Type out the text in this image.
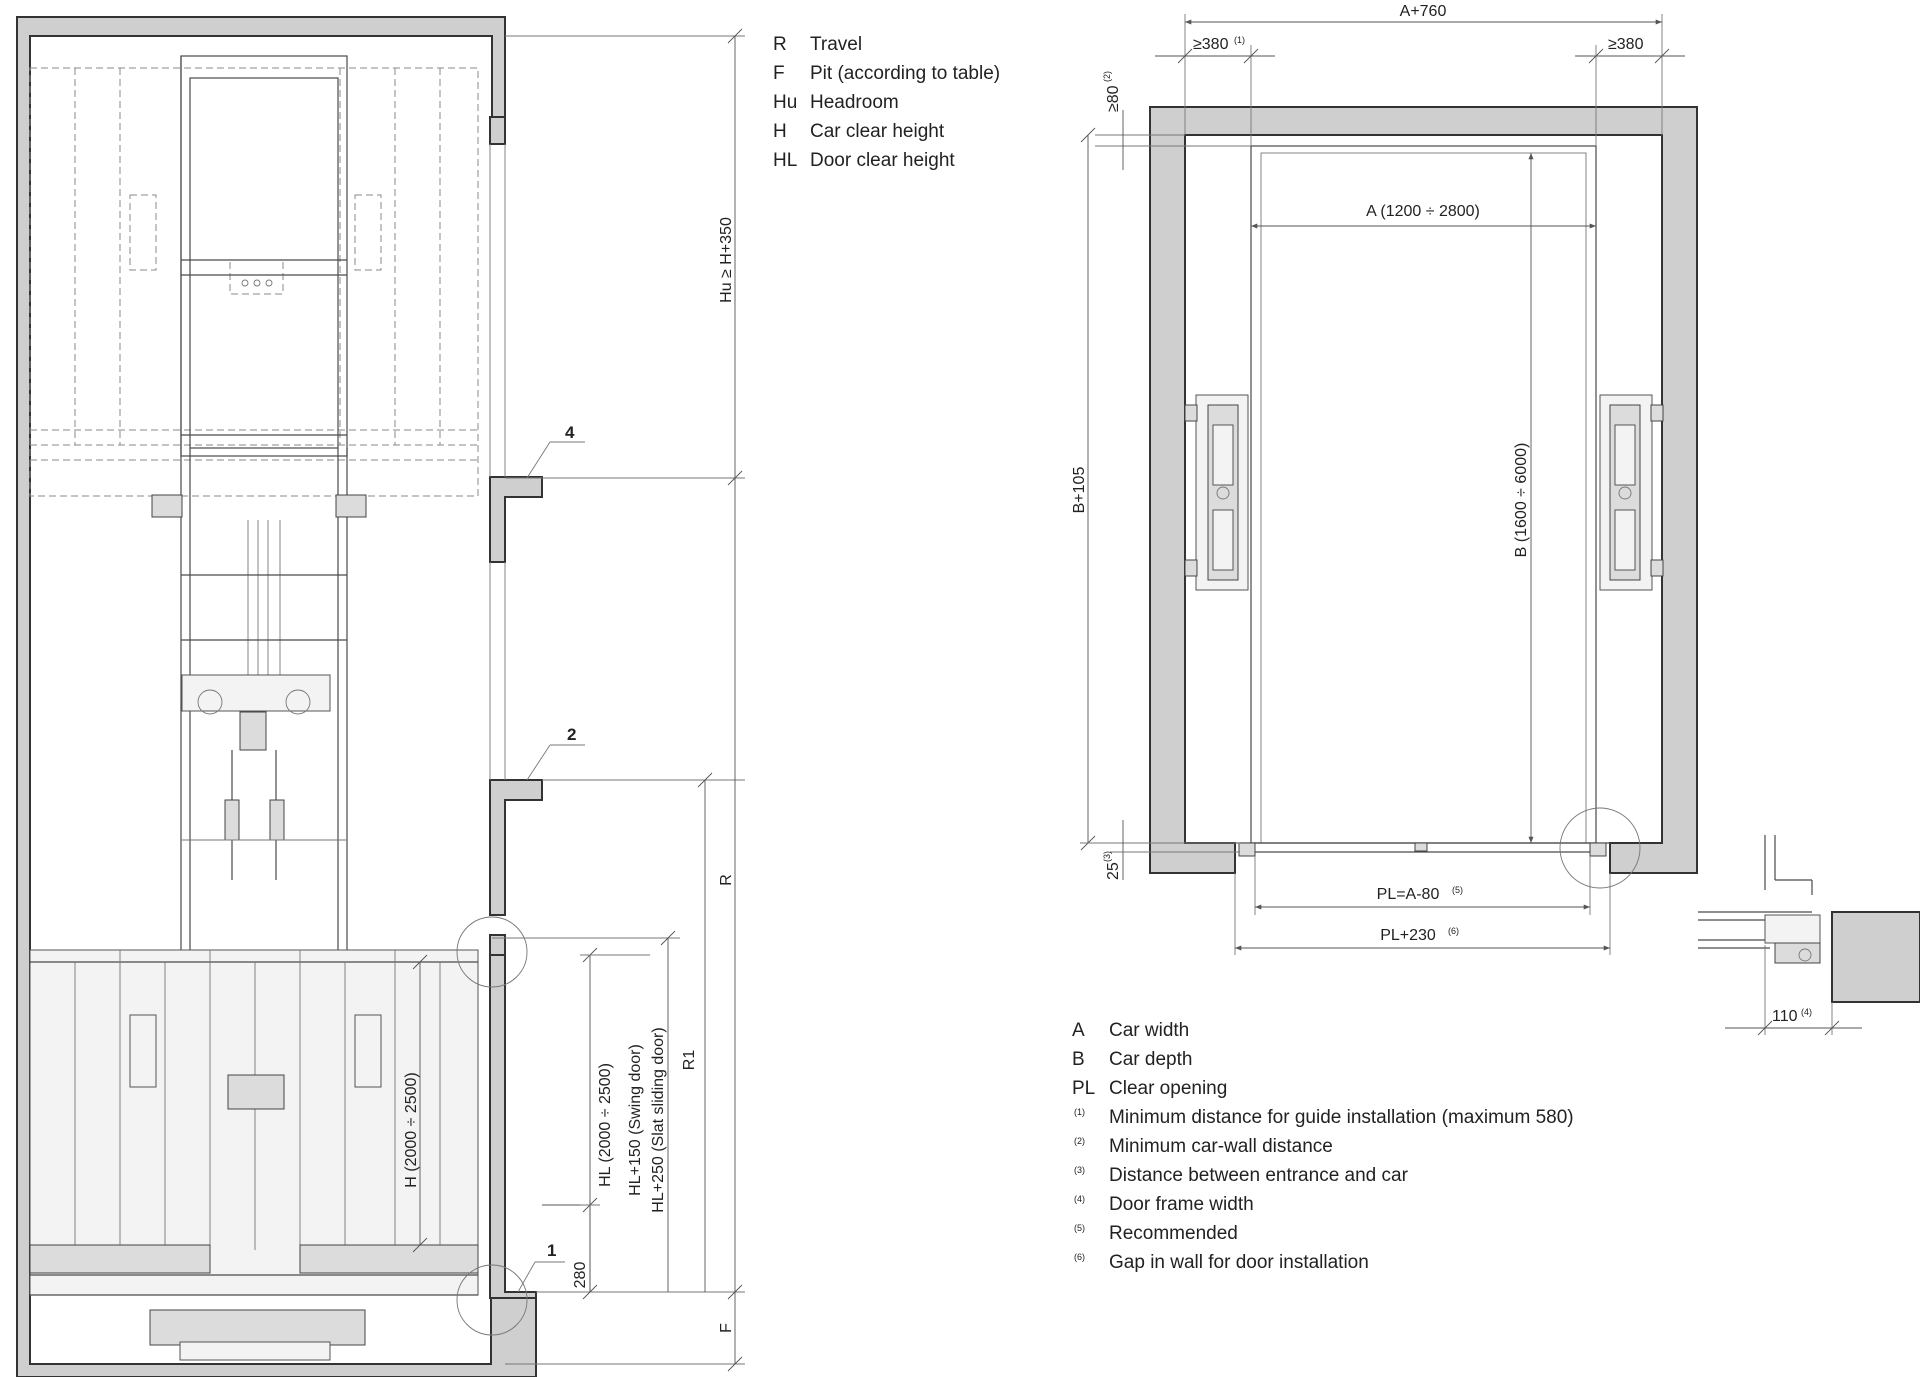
4
2
1
Hu ≥ H+350
R
F
R1
HL+250 (Slat sliding door)
HL+150 (Swing door)
HL (2000 ÷ 2500)
H (2000 ÷ 2500)
280
R Travel
F Pit (according to table)
Hu Headroom
H Car clear height
HL Door clear height
A+760
≥380 (1)	≥380
≥80
(2)
B+105
25
(3)
A (1200 ÷ 2800)
B (1600 ÷ 6000)
PL=A-80 (5)
PL+230 (6)
110 (4)
A Car width
B Car depth
PL Clear opening
(1) Minimum distance for guide installation (maximum 580)
(2) Minimum car-wall distance
(3) Distance between entrance and car
(4) Door frame width
(5) Recommended
(6) Gap in wall for door installation
